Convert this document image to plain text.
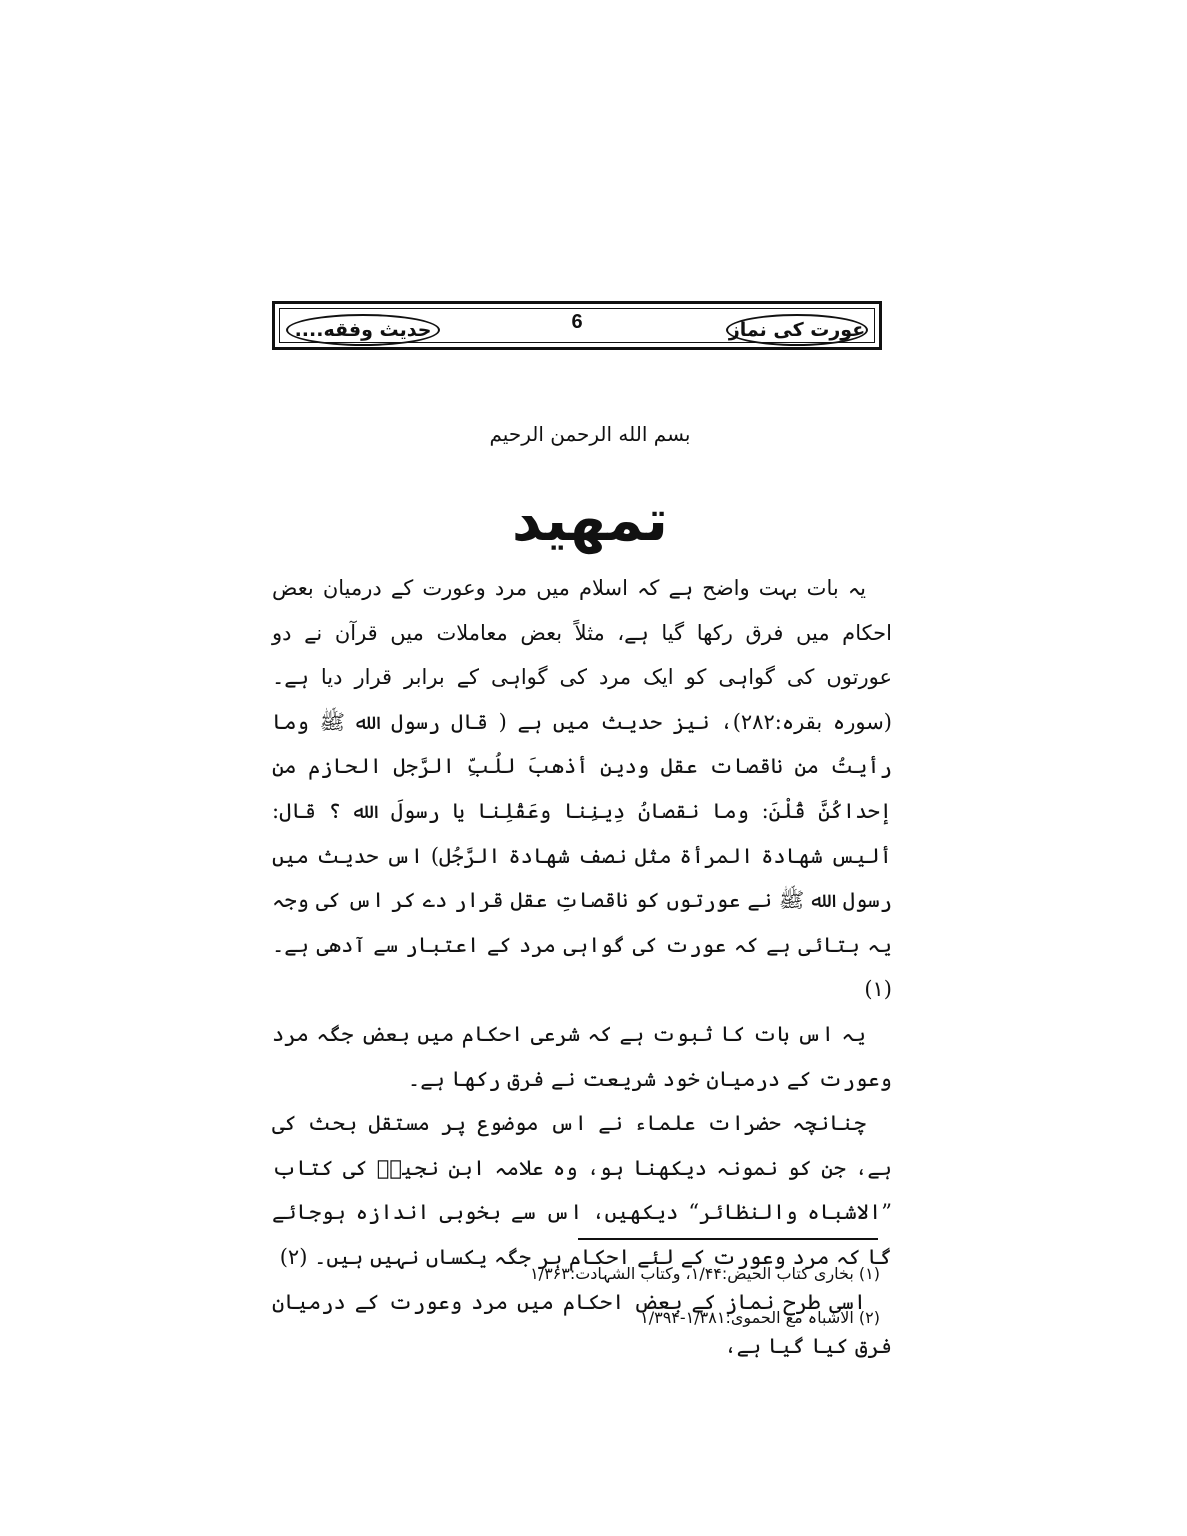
عورت کی نماز
6
حدیث وفقه....
بسم الله الرحمن الرحيم
تمهید

یہ بات بہت واضح ہے کہ اسلام میں مرد وعورت کے درمیان بعض احکام میں فرق رکھا گیا ہے، مثلاً بعض معاملات میں قرآن نے دو عورتوں کی گواہی کو ایک مرد کی گواہی کے برابر قرار دیا ہے۔ (سورہ بقرہ:۲۸۲)، نیز حدیث میں ہے ( قال رسول الله ﷺ وما رأيتُ من ناقصات عقل ودين أذهبَ للُبِّ الرَّجل الحازم من إحداكُنَّ قُلْنَ: وما نقصانُ دِينِنا وعَقْلِنا يا رسولَ الله ؟ قال: أليس شهادة المرأة مثل نصف شهادة الرَّجُل) اس حدیث میں رسول الله ﷺ نے عورتوں کو ناقصاتِ عقل قرار دے کر اس کی وجہ یہ بتائی ہے کہ عورت کی گواہی مرد کے اعتبار سے آدھی ہے۔ (۱)

یہ اس بات کا ثبوت ہے کہ شرعی احکام میں بعض جگہ مرد وعورت کے درمیان خود شریعت نے فرق رکھا ہے۔

چنانچہ حضرات علماء نے اس موضوع پر مستقل بحث کی ہے، جن کو نمونہ دیکھنا ہو، وہ علامہ ابن نجیمؒ کی کتاب ”الاشباہ والنظائر“ دیکھیں، اس سے بخوبی اندازہ ہوجائے گا کہ مرد وعورت کے لئے احکام ہر جگہ یکساں نہیں ہیں۔ (۲)

اسی طرح نماز کے بعض احکام میں مرد وعورت کے درمیان فرق کیا گیا ہے،

(۱) بخاری کتاب الحیض:۱/۴۴، وکتاب الشہادت:۱/۳۶۳
(۲) الاشباہ مع الحموی:۱/۳۸۱-۱/۳۹۴
